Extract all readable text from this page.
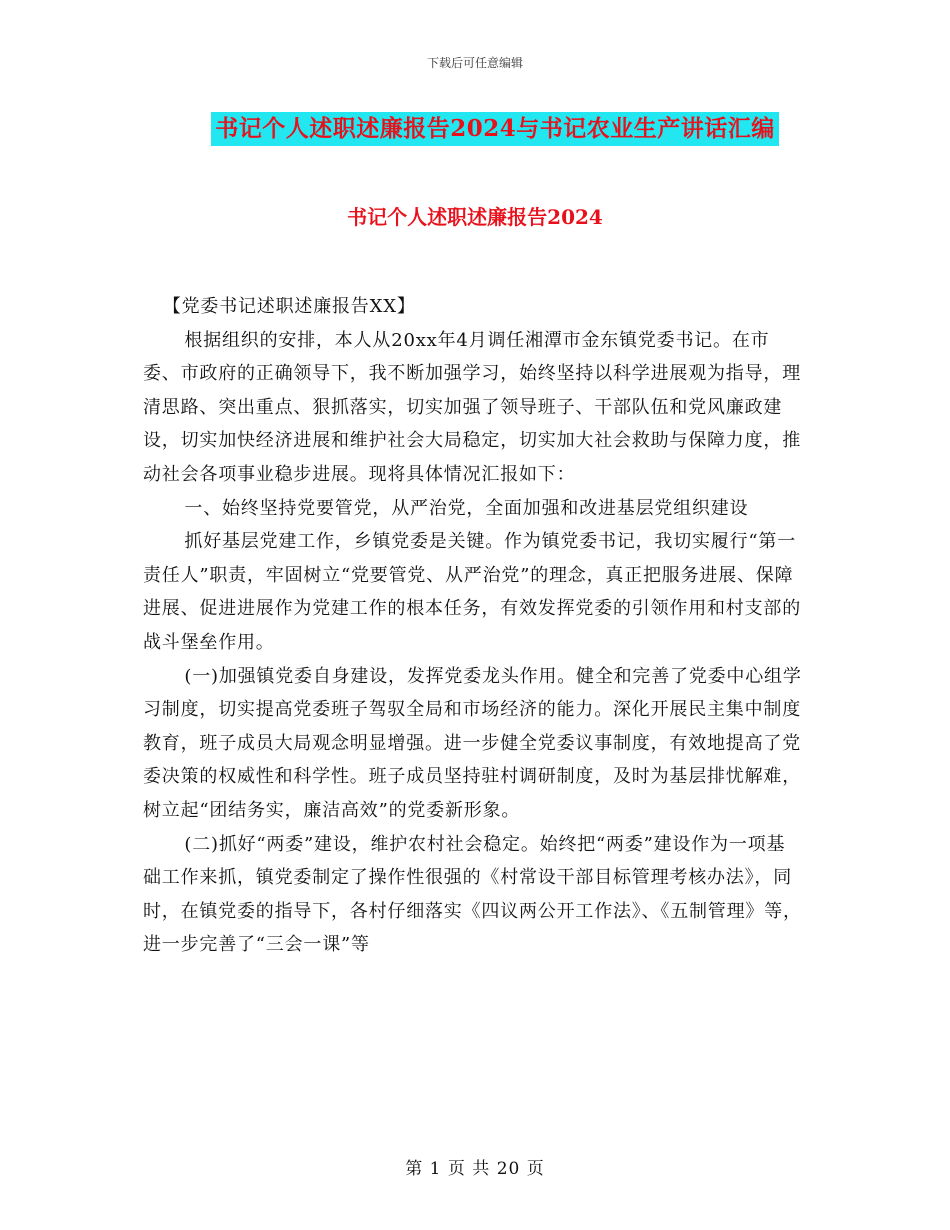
下载后可任意编辑
书记个人述职述廉报告2024与书记农业生产讲话汇编
书记个人述职述廉报告2024

【党委书记述职述廉报告XX】

根据组织的安排，本人从20xx年4月调任湘潭市金东镇党委书记。在市委、市政府的正确领导下，我不断加强学习，始终坚持以科学进展观为指导，理清思路、突出重点、狠抓落实，切实加强了领导班子、干部队伍和党风廉政建设，切实加快经济进展和维护社会大局稳定，切实加大社会救助与保障力度，推动社会各项事业稳步进展。现将具体情况汇报如下：

一、始终坚持党要管党，从严治党，全面加强和改进基层党组织建设

抓好基层党建工作，乡镇党委是关键。作为镇党委书记，我切实履行“第一责任人”职责，牢固树立“党要管党、从严治党”的理念，真正把服务进展、保障进展、促进进展作为党建工作的根本任务，有效发挥党委的引领作用和村支部的战斗堡垒作用。

(一)加强镇党委自身建设，发挥党委龙头作用。健全和完善了党委中心组学习制度，切实提高党委班子驾驭全局和市场经济的能力。深化开展民主集中制度教育，班子成员大局观念明显增强。进一步健全党委议事制度，有效地提高了党委决策的权威性和科学性。班子成员坚持驻村调研制度，及时为基层排忧解难，树立起“团结务实，廉洁高效”的党委新形象。

(二)抓好“两委”建设，维护农村社会稳定。始终把“两委”建设作为一项基础工作来抓，镇党委制定了操作性很强的《村常设干部目标管理考核办法》，同时，在镇党委的指导下，各村仔细落实《四议两公开工作法》、《五制管理》等，进一步完善了“三会一课”等

第 1 页 共 20 页
